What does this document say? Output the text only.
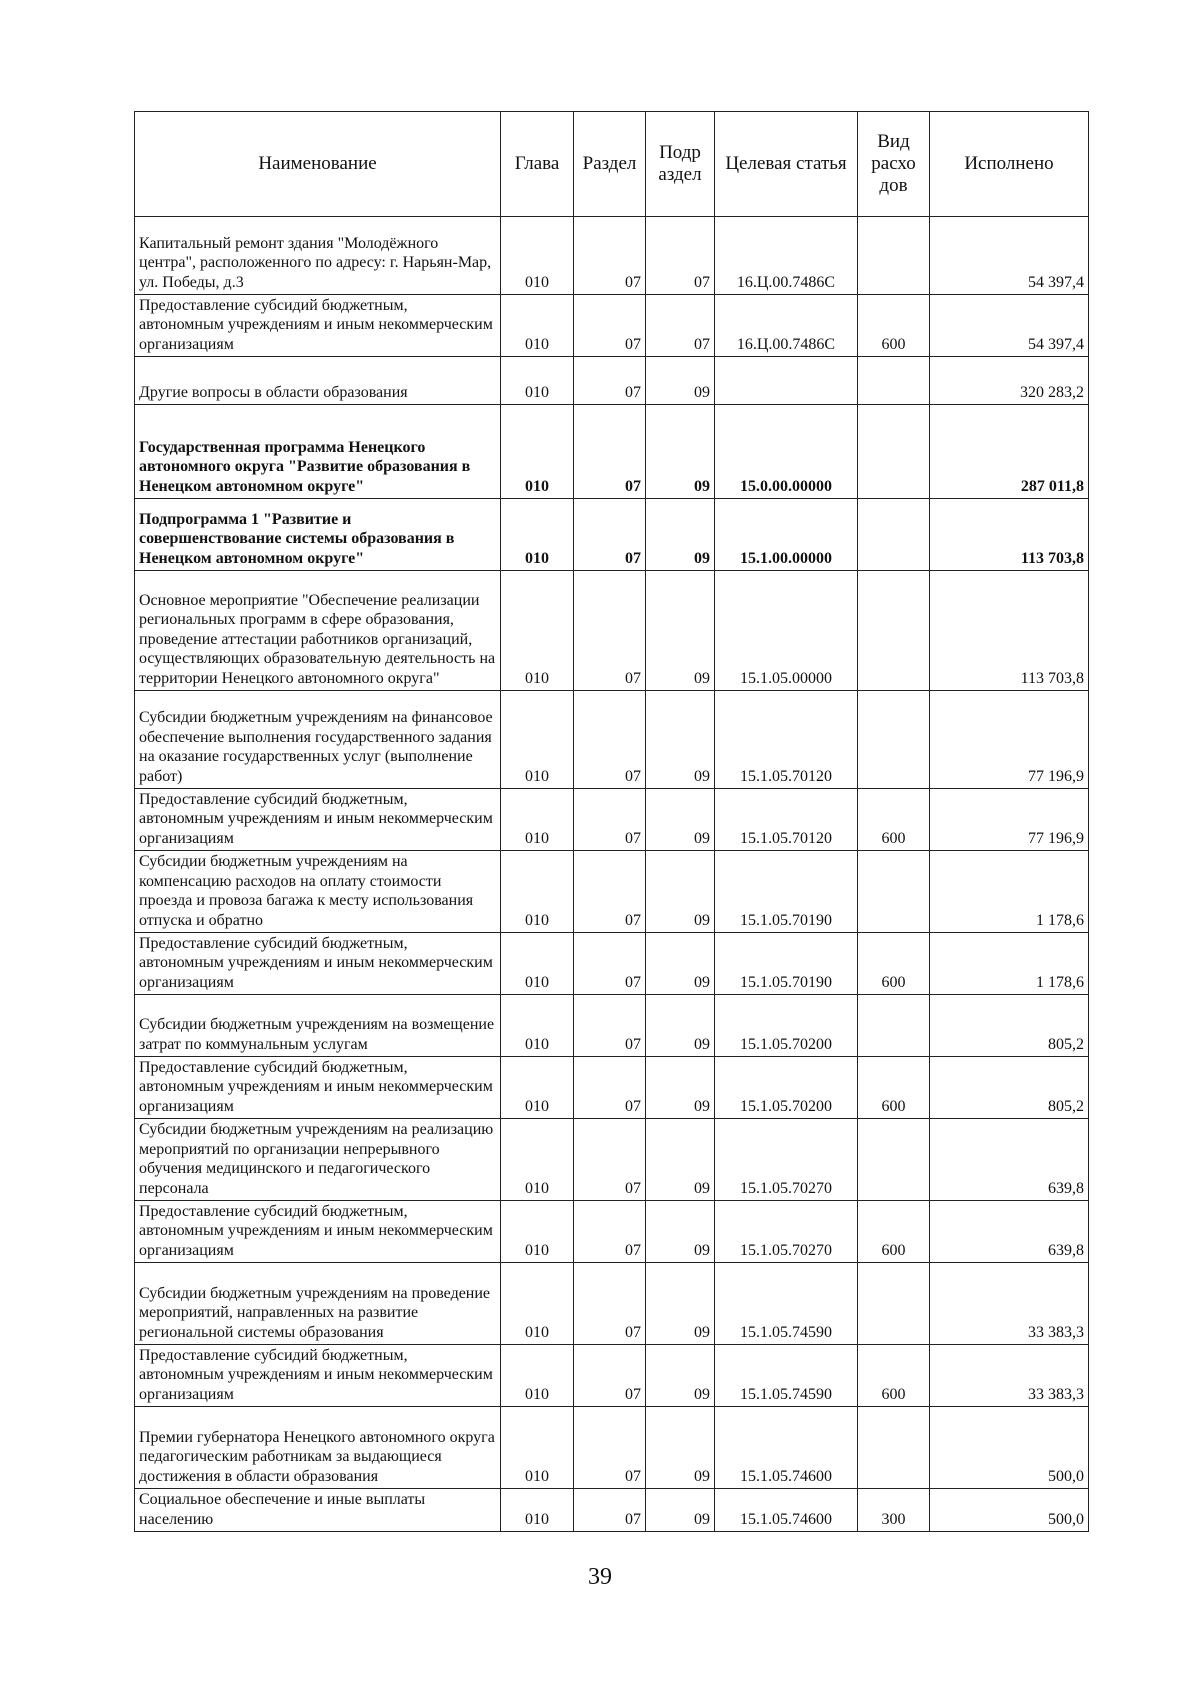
Наименование	Глава	Раздел	Подр аздел	Целевая статья	Вид расхо дов	Исполнено
Капитальный ремонт здания "Молодёжного центра", расположенного по адресу: г. Нарьян-Мар, ул. Победы, д.3	010	07	07	16.Ц.00.7486С		54 397,4
Предоставление субсидий бюджетным, автономным учреждениям и иным некоммерческим организациям	010	07	07	16.Ц.00.7486С	600	54 397,4
Другие вопросы в области образования	010	07	09			320 283,2
Государственная программа Ненецкого автономного округа "Развитие образования в Ненецком автономном округе"	010	07	09	15.0.00.00000		287 011,8
Подпрограмма 1 "Развитие и совершенствование системы образования в Ненецком автономном округе"	010	07	09	15.1.00.00000		113 703,8
Основное мероприятие "Обеспечение реализации региональных программ в сфере образования, проведение аттестации работников организаций, осуществляющих образовательную деятельность на территории Ненецкого автономного округа"	010	07	09	15.1.05.00000		113 703,8
Субсидии бюджетным учреждениям на финансовое обеспечение выполнения государственного задания на оказание государственных услуг (выполнение работ)	010	07	09	15.1.05.70120		77 196,9
Предоставление субсидий бюджетным, автономным учреждениям и иным некоммерческим организациям	010	07	09	15.1.05.70120	600	77 196,9
Субсидии бюджетным учреждениям на компенсацию расходов на оплату стоимости проезда и провоза багажа к месту использования отпуска и обратно	010	07	09	15.1.05.70190		1 178,6
Предоставление субсидий бюджетным, автономным учреждениям и иным некоммерческим организациям	010	07	09	15.1.05.70190	600	1 178,6
Субсидии бюджетным учреждениям на возмещение затрат по коммунальным услугам	010	07	09	15.1.05.70200		805,2
Предоставление субсидий бюджетным, автономным учреждениям и иным некоммерческим организациям	010	07	09	15.1.05.70200	600	805,2
Субсидии бюджетным учреждениям на реализацию мероприятий по организации непрерывного обучения медицинского и педагогического персонала	010	07	09	15.1.05.70270		639,8
Предоставление субсидий бюджетным, автономным учреждениям и иным некоммерческим организациям	010	07	09	15.1.05.70270	600	639,8
Субсидии бюджетным учреждениям на проведение мероприятий, направленных на развитие региональной системы образования	010	07	09	15.1.05.74590		33 383,3
Предоставление субсидий бюджетным, автономным учреждениям и иным некоммерческим организациям	010	07	09	15.1.05.74590	600	33 383,3
Премии губернатора Ненецкого автономного округа педагогическим работникам за выдающиеся достижения в области образования	010	07	09	15.1.05.74600		500,0
Социальное обеспечение и иные выплаты населению	010	07	09	15.1.05.74600	300	500,0
39
